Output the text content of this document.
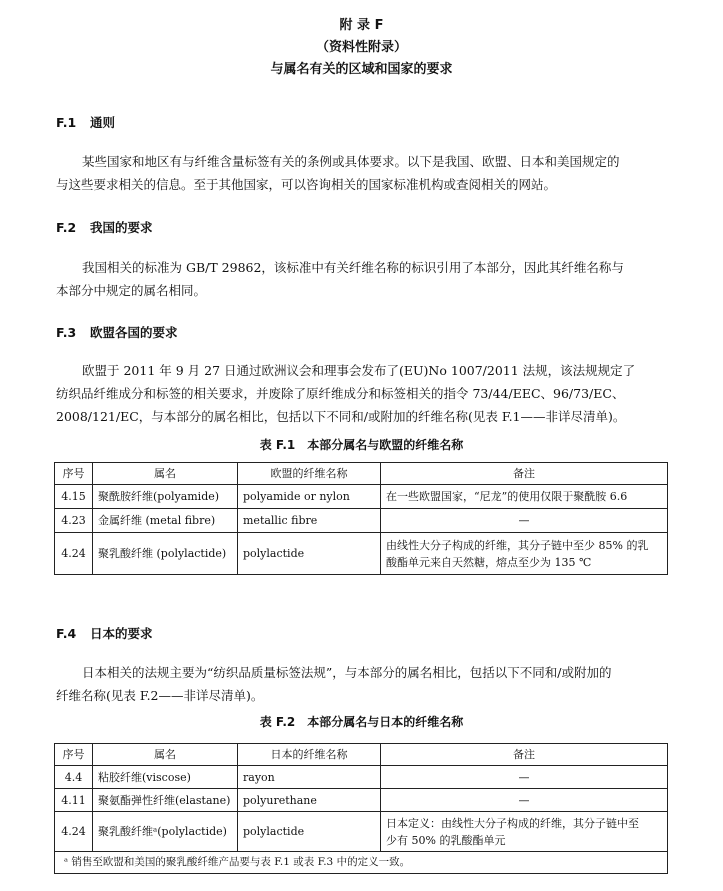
附 录 F
（资料性附录）
与属名有关的区域和国家的要求
F.1 通则
某些国家和地区有与纤维含量标签有关的条例或具体要求。以下是我国、欧盟、日本和美国规定的
与这些要求相关的信息。至于其他国家，可以咨询相关的国家标准机构或查阅相关的网站。
F.2 我国的要求
我国相关的标准为 GB/T 29862，该标准中有关纤维名称的标识引用了本部分，因此其纤维名称与
本部分中规定的属名相同。
F.3 欧盟各国的要求
欧盟于 2011 年 9 月 27 日通过欧洲议会和理事会发布了(EU)No 1007/2011 法规，该法规规定了
纺织品纤维成分和标签的相关要求，并废除了原纤维成分和标签相关的指令 73/44/EEC、96/73/EC、
2008/121/EC，与本部分的属名相比，包括以下不同和/或附加的纤维名称(见表 F.1——非详尽清单)。
表 F.1　本部分属名与欧盟的纤维名称
序号	属名	欧盟的纤维名称	备注
4.15	聚酰胺纤维(polyamide)	polyamide or nylon	在一些欧盟国家，“尼龙”的使用仅限于聚酰胺 6.6
4.23	金属纤维 (metal fibre)	metallic fibre	—
4.24	聚乳酸纤维 (polylactide)	polylactide	由线性大分子构成的纤维，其分子链中至少 85% 的乳
酸酯单元来自天然糖，熔点至少为 135 ℃
F.4 日本的要求
日本相关的法规主要为“纺织品质量标签法规”，与本部分的属名相比，包括以下不同和/或附加的
纤维名称(见表 F.2——非详尽清单)。
表 F.2　本部分属名与日本的纤维名称
序号	属名	日本的纤维名称	备注
4.4	粘胶纤维(viscose)	rayon	—
4.11	聚氨酯弹性纤维(elastane)	polyurethane	—
4.24	聚乳酸纤维ᵃ(polylactide)	polylactide	日本定义：由线性大分子构成的纤维，其分子链中至
少有 50% 的乳酸酯单元

ᵃ 销售至欧盟和美国的聚乳酸纤维产品要与表 F.1 或表 F.3 中的定义一致。			
